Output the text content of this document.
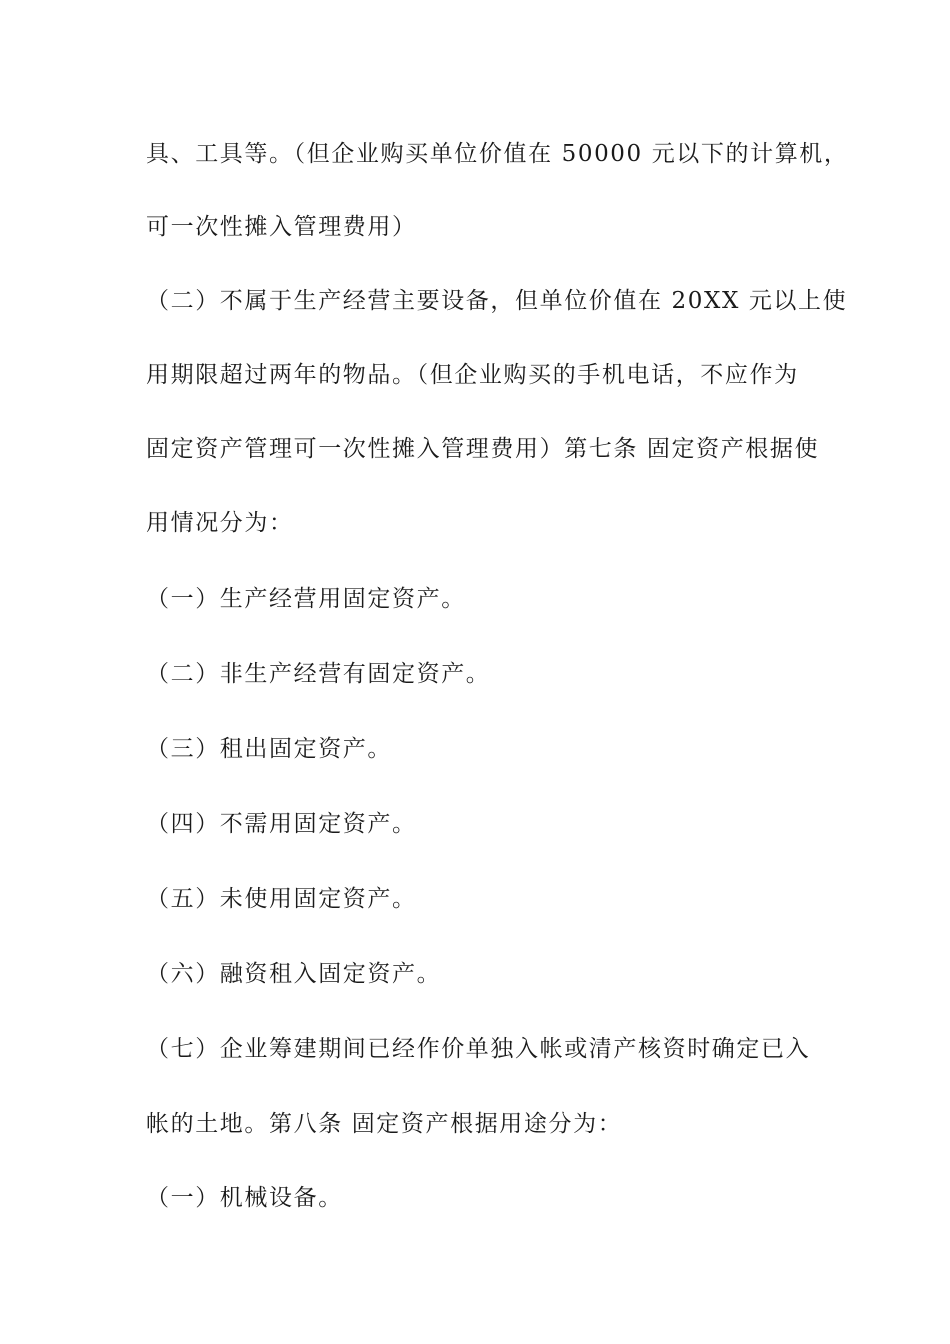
具、工具等。（但企业购买单位价值在 50000 元以下的计算机，
可一次性摊入管理费用）
（二）不属于生产经营主要设备，但单位价值在 20XX 元以上使
用期限超过两年的物品。（但企业购买的手机电话，不应作为
固定资产管理可一次性摊入管理费用）第七条 固定资产根据使
用情况分为：
（一）生产经营用固定资产。
（二）非生产经营有固定资产。
（三）租出固定资产。
（四）不需用固定资产。
（五）未使用固定资产。
（六）融资租入固定资产。
（七）企业筹建期间已经作价单独入帐或清产核资时确定已入
帐的土地。第八条 固定资产根据用途分为：
（一）机械设备。
